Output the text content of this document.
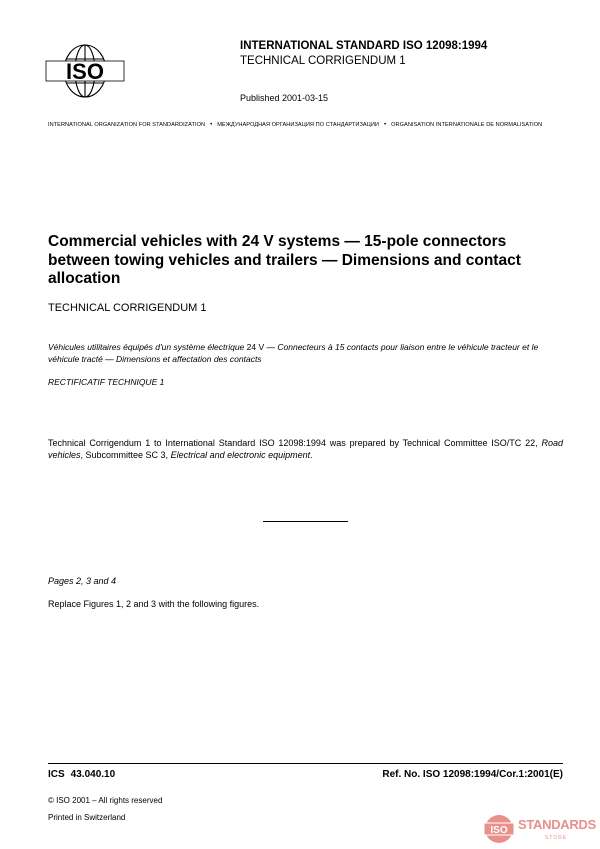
ISO
INTERNATIONAL STANDARD ISO 12098:1994
TECHNICAL CORRIGENDUM 1
Published 2001-03-15
INTERNATIONAL ORGANIZATION FOR STANDARDIZATION • МЕЖДУНАРОДНАЯ ОРГАНИЗАЦИЯ ПО СТАНДАРТИЗАЦИИ • ORGANISATION INTERNATIONALE DE NORMALISATION
Commercial vehicles with 24 V systems — 15-pole connectors between towing vehicles and trailers — Dimensions and contact allocation
TECHNICAL CORRIGENDUM 1
Véhicules utilitaires équipés d'un système électrique 24 V — Connecteurs à 15 contacts pour liaison entre le véhicule tracteur et le véhicule tracté — Dimensions et affectation des contacts
RECTIFICATIF TECHNIQUE 1
Technical Corrigendum 1 to International Standard ISO 12098:1994 was prepared by Technical Committee ISO/TC 22, Road vehicles, Subcommittee SC 3, Electrical and electronic equipment.
Pages 2, 3 and 4
Replace Figures 1, 2 and 3 with the following figures.
ICS 43.040.10	Ref. No. ISO 12098:1994/Cor.1:2001(E)
© ISO 2001 – All rights reserved
Printed in Switzerland
ISO STANDARDS
STORE
